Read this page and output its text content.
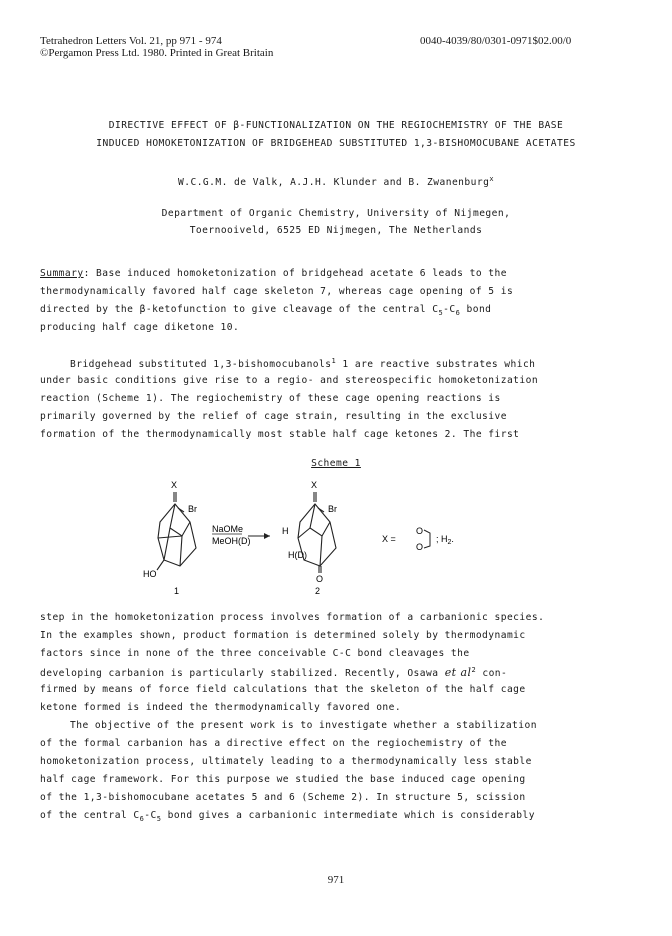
Tetrahedron Letters Vol. 21, pp 971 - 974
©Pergamon Press Ltd. 1980. Printed in Great Britain
0040-4039/80/0301-0971$02.00/0
DIRECTIVE EFFECT OF β-FUNCTIONALIZATION ON THE REGIOCHEMISTRY OF THE BASE
INDUCED HOMOKETONIZATION OF BRIDGEHEAD SUBSTITUTED 1,3-BISHOMOCUBANE ACETATES
W.C.G.M. de Valk, A.J.H. Klunder and B. Zwanenburg$^x$
Department of Organic Chemistry, University of Nijmegen,
Toernooiveld, 6525 ED Nijmegen, The Netherlands
Summary: Base induced homoketonization of bridgehead acetate 6 leads to the
thermodynamically favored half cage skeleton 7, whereas cage opening of 5 is
directed by the β-ketofunction to give cleavage of the central $C_5-C_6$ bond
producing half cage diketone 10.
Bridgehead substituted 1,3-bishomocubanols$^1$ 1 are reactive substrates which
under basic conditions give rise to a regio- and stereospecific homoketonization
reaction (Scheme 1). The regiochemistry of these cage opening reactions is
primarily governed by the relief of cage strain, resulting in the exclusive
formation of the thermodynamically most stable half cage ketones 2. The first
Scheme 1
X
Br
HO
1
NaOMe
MeOH(D)
X
Br
H
H(D)
O
2
X =
O
O
; $H_2$.
step in the homoketonization process involves formation of a carbanionic species.
In the examples shown, product formation is determined solely by thermodynamic
factors since in none of the three conceivable C-C bond cleavages the
developing carbanion is particularly stabilized. Recently, Osawa et $al^2$ con-
firmed by means of force field calculations that the skeleton of the half cage
ketone formed is indeed the thermodynamically favored one.
The objective of the present work is to investigate whether a stabilization
of the formal carbanion has a directive effect on the regiochemistry of the
homoketonization process, ultimately leading to a thermodynamically less stable
half cage framework. For this purpose we studied the base induced cage opening
of the 1,3-bishomocubane acetates 5 and 6 (Scheme 2). In structure 5, scission
of the central $C_6-C_5$ bond gives a carbanionic intermediate which is considerably
971
